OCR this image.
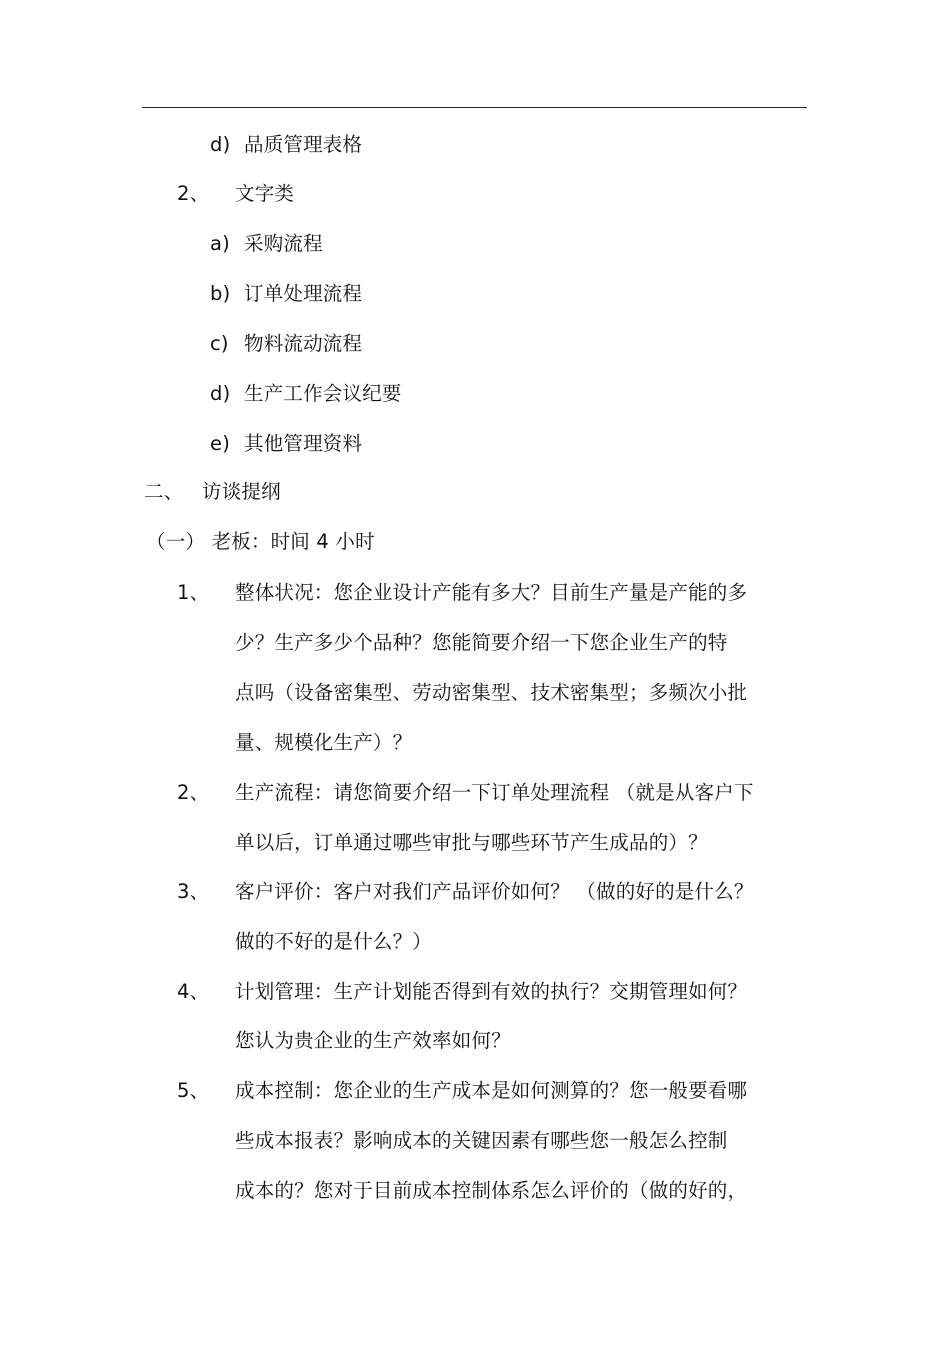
d) 品质管理表格
2、 文字类
a) 采购流程
b) 订单处理流程
c) 物料流动流程
d) 生产工作会议纪要
e) 其他管理资料
二、 访谈提纲
（一） 老板：时间 4 小时
1、 整体状况：您企业设计产能有多大？目前生产量是产能的多
少？生产多少个品种？您能简要介绍一下您企业生产的特
点吗（设备密集型、劳动密集型、技术密集型；多频次小批
量、规模化生产）？
2、 生产流程：请您简要介绍一下订单处理流程 （就是从客户下
单以后，订单通过哪些审批与哪些环节产生成品的）？
3、 客户评价：客户对我们产品评价如何？ （做的好的是什么？
做的不好的是什么？）
4、 计划管理：生产计划能否得到有效的执行？交期管理如何？
您认为贵企业的生产效率如何？
5、 成本控制：您企业的生产成本是如何测算的？您一般要看哪
些成本报表？影响成本的关键因素有哪些您一般怎么控制
成本的？您对于目前成本控制体系怎么评价的（做的好的，
